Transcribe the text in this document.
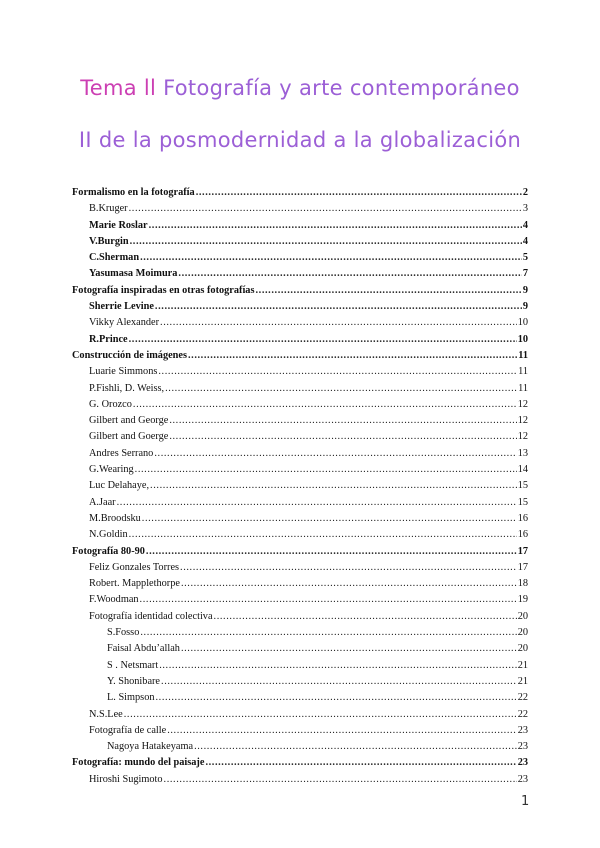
Tema ll Fotografía y arte contemporáneo
II de la posmodernidad a la globalización
Formalismo en la fotografía .....	2
B.Kruger .....	3
Marie Roslar .....	4
V.Burgin .....	4
C.Sherman .....	5
Yasumasa Moimura .....	7
Fotografía inspiradas en otras fotografías .....	9
Sherrie Levine .....	9
Vikky Alexander .....	10
R.Prince .....	10
Construcción de imágenes .....	11
Luarie Simmons .....	11
P.Fishli, D. Weiss, .....	11
G. Orozco .....	12
Gilbert and George .....	12
Gilbert and Goerge .....	12
Andres Serrano .....	13
G.Wearing .....	14
Luc Delahaye, .....	15
A.Jaar .....	15
M.Broodsku .....	16
N.Goldin .....	16
Fotografía 80-90 .....	17
Feliz Gonzales Torres .....	17
Robert. Mapplethorpe .....	18
F.Woodman .....	19
Fotografía identidad colectiva .....	20
S.Fosso .....	20
Faisal Abdu’allah .....	20
S . Netsmart .....	21
Y. Shonibare .....	21
L. Simpson .....	22
N.S.Lee .....	22
Fotografía de calle .....	23
Nagoya Hatakeyama .....	23
Fotografía: mundo del paisaje .....	23
Hiroshi Sugimoto .....	23
1
